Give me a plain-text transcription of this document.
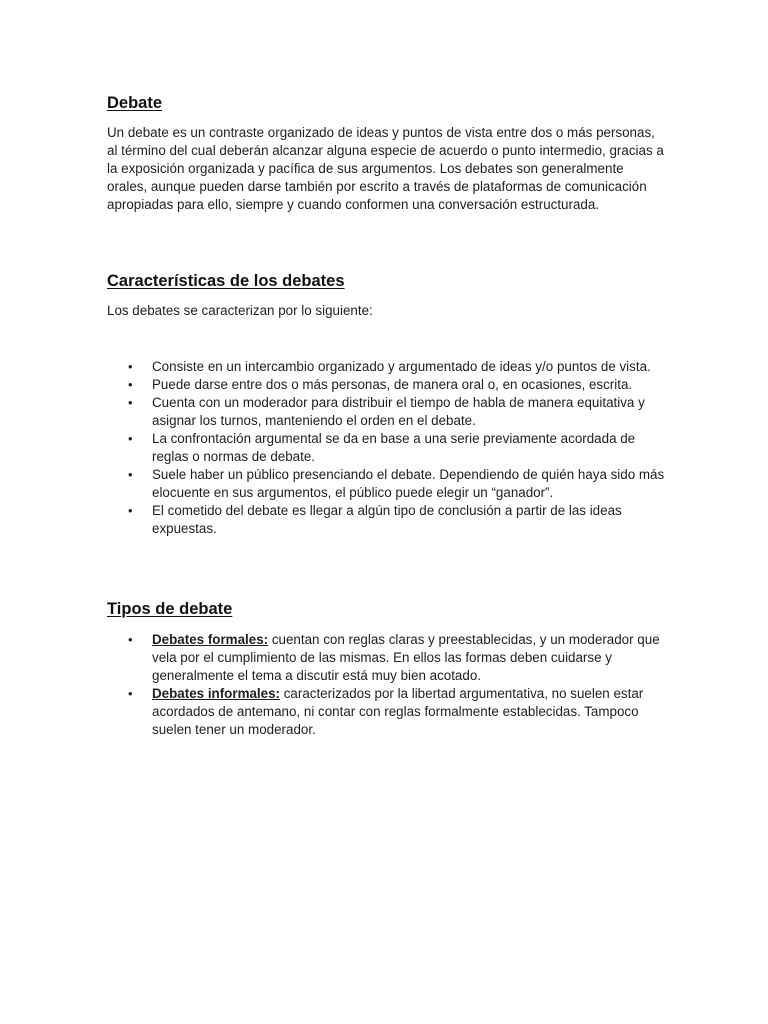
Debate

Un debate es un contraste organizado de ideas y puntos de vista entre dos o más personas, al término del cual deberán alcanzar alguna especie de acuerdo o punto intermedio, gracias a la exposición organizada y pacífica de sus argumentos. Los debates son generalmente orales, aunque pueden darse también por escrito a través de plataformas de comunicación apropiadas para ello, siempre y cuando conformen una conversación estructurada.

Características de los debates

Los debates se caracterizan por lo siguiente:

• Consiste en un intercambio organizado y argumentado de ideas y/o puntos de vista.
• Puede darse entre dos o más personas, de manera oral o, en ocasiones, escrita.
• Cuenta con un moderador para distribuir el tiempo de habla de manera equitativa y asignar los turnos, manteniendo el orden en el debate.
• La confrontación argumental se da en base a una serie previamente acordada de reglas o normas de debate.
• Suele haber un público presenciando el debate. Dependiendo de quién haya sido más elocuente en sus argumentos, el público puede elegir un “ganador”.
• El cometido del debate es llegar a algún tipo de conclusión a partir de las ideas expuestas.
Tipos de debate
• Debates formales: cuentan con reglas claras y preestablecidas, y un moderador que vela por el cumplimiento de las mismas. En ellos las formas deben cuidarse y generalmente el tema a discutir está muy bien acotado.
• Debates informales: caracterizados por la libertad argumentativa, no suelen estar acordados de antemano, ni contar con reglas formalmente establecidas. Tampoco suelen tener un moderador.
